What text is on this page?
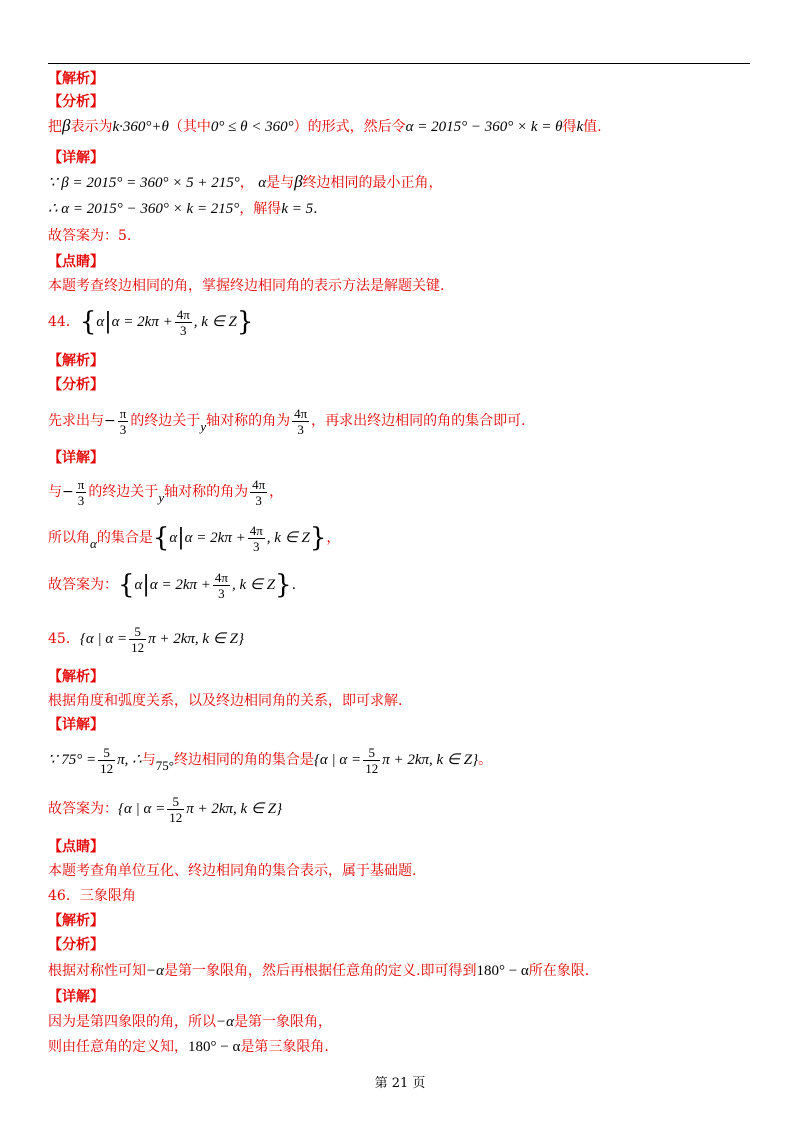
【解析】
【分析】
把β表示为k·360°+θ（其中0° ≤ θ < 360°）的形式，然后令α = 2015° − 360° × k = θ得k值.
【详解】
∵ β = 2015° = 360° × 5 + 215°， α是与β终边相同的最小正角，
∴ α = 2015° − 360° × k = 215°，解得k = 5.
故答案为：5.
【点睛】
本题考查终边相同的角，掌握终边相同角的表示方法是解题关键.
44．{$\alpha|\alpha = 2k\pi + \frac{4\pi}{3}$ , k ∈ Z}
【解析】
【分析】
先求出与− $\frac{\pi}{3}$ 的终边关于y轴对称的角为 $\frac{4\pi}{3}$ ，再求出终边相同的角的集合即可.
【详解】
与− $\frac{\pi}{3}$ 的终边关于y轴对称的角为 $\frac{4\pi}{3}$ ，
所以角α的集合是{$\alpha|\alpha = 2k\pi + \frac{4\pi}{3}$ , k ∈ Z}，
故答案为：{$\alpha|\alpha = 2k\pi + \frac{4\pi}{3}$ , k ∈ Z}.
45．{α | $\alpha = \frac{5}{12}$ π + 2kπ, k ∈ Z}
【解析】
根据角度和弧度关系，以及终边相同角的关系，即可求解.
【详解】
∵ $75^\circ = \frac{5}{12} \pi$, ∴与75°终边相同的角的集合是{α | $\alpha = \frac{5}{12}$ π + 2kπ, k ∈ Z}。
故答案为：{α | $\alpha = \frac{5}{12}$ π + 2kπ, k ∈ Z}
【点睛】
本题考查角单位互化、终边相同角的集合表示，属于基础题.
46．三象限角
【解析】
【分析】
根据对称性可知−α是第一象限角，然后再根据任意角的定义.即可得到180° − α所在象限.
【详解】
因为是第四象限的角，所以−α是第一象限角，
则由任意角的定义知，180° − α是第三象限角.
第 21 页
